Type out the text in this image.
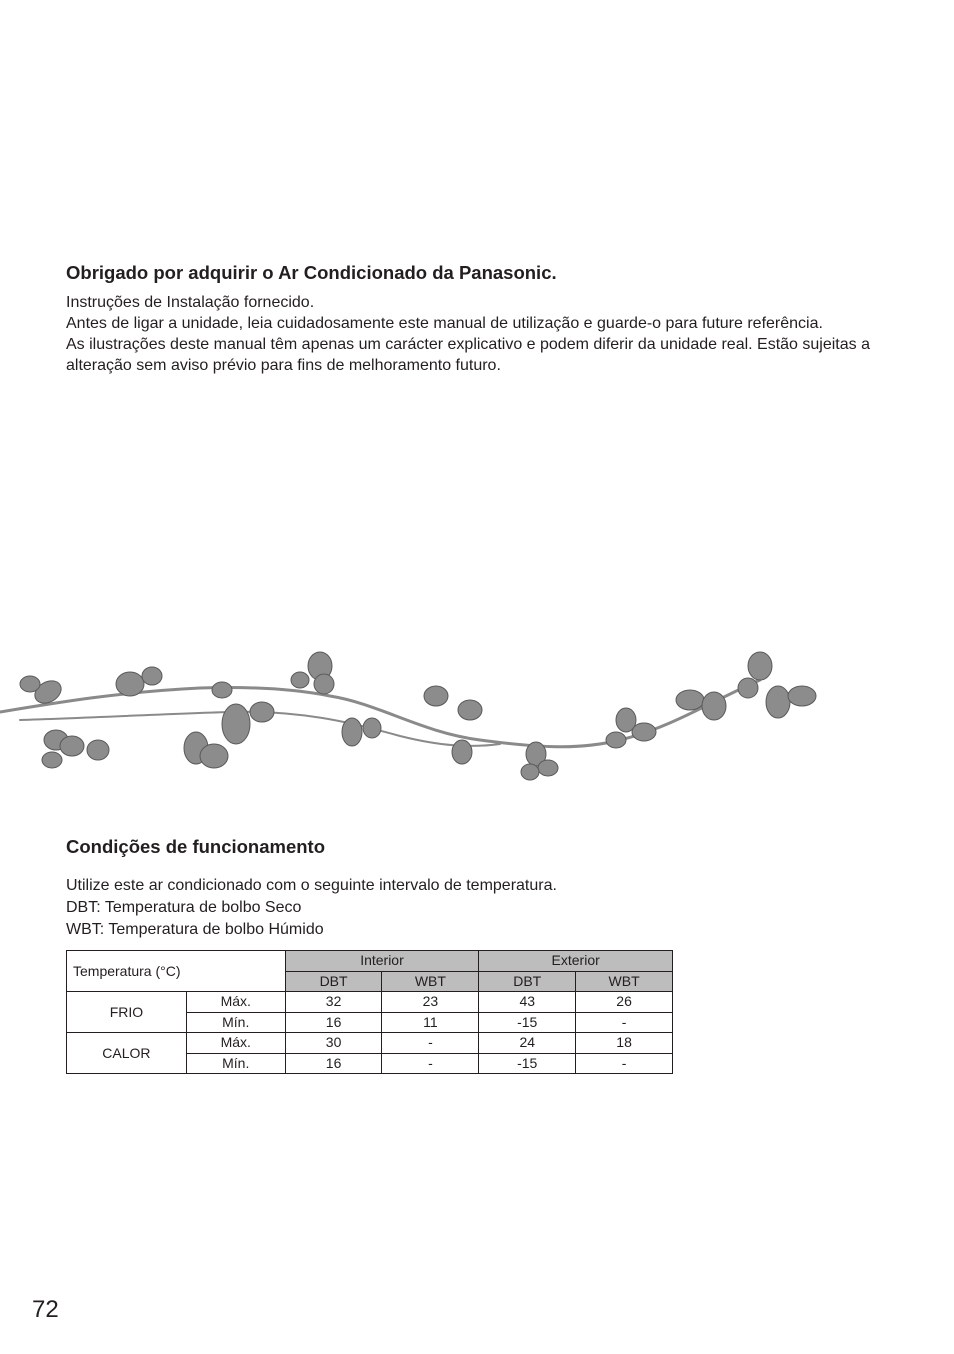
Obrigado por adquirir o Ar Condicionado da Panasonic.

Instruções de Instalação fornecido.

Antes de ligar a unidade, leia cuidadosamente este manual de utilização e guarde-o para future referência.

As ilustrações deste manual têm apenas um carácter explicativo e podem diferir da unidade real. Estão sujeitas a alteração sem aviso prévio para fins de melhoramento futuro.

Condições de funcionamento

Utilize este ar condicionado com o seguinte intervalo de temperatura.

DBT: Temperatura de bolbo Seco

WBT: Temperatura de bolbo Húmido

Temperatura (°C)		Interior		Exterior	
		DBT	WBT	DBT	WBT
FRIO	Máx.	32	23	43	26
	Mín.	16	11	-15	-
CALOR	Máx.	30	-	24	18
	Mín.	16	-	-15	-
72
